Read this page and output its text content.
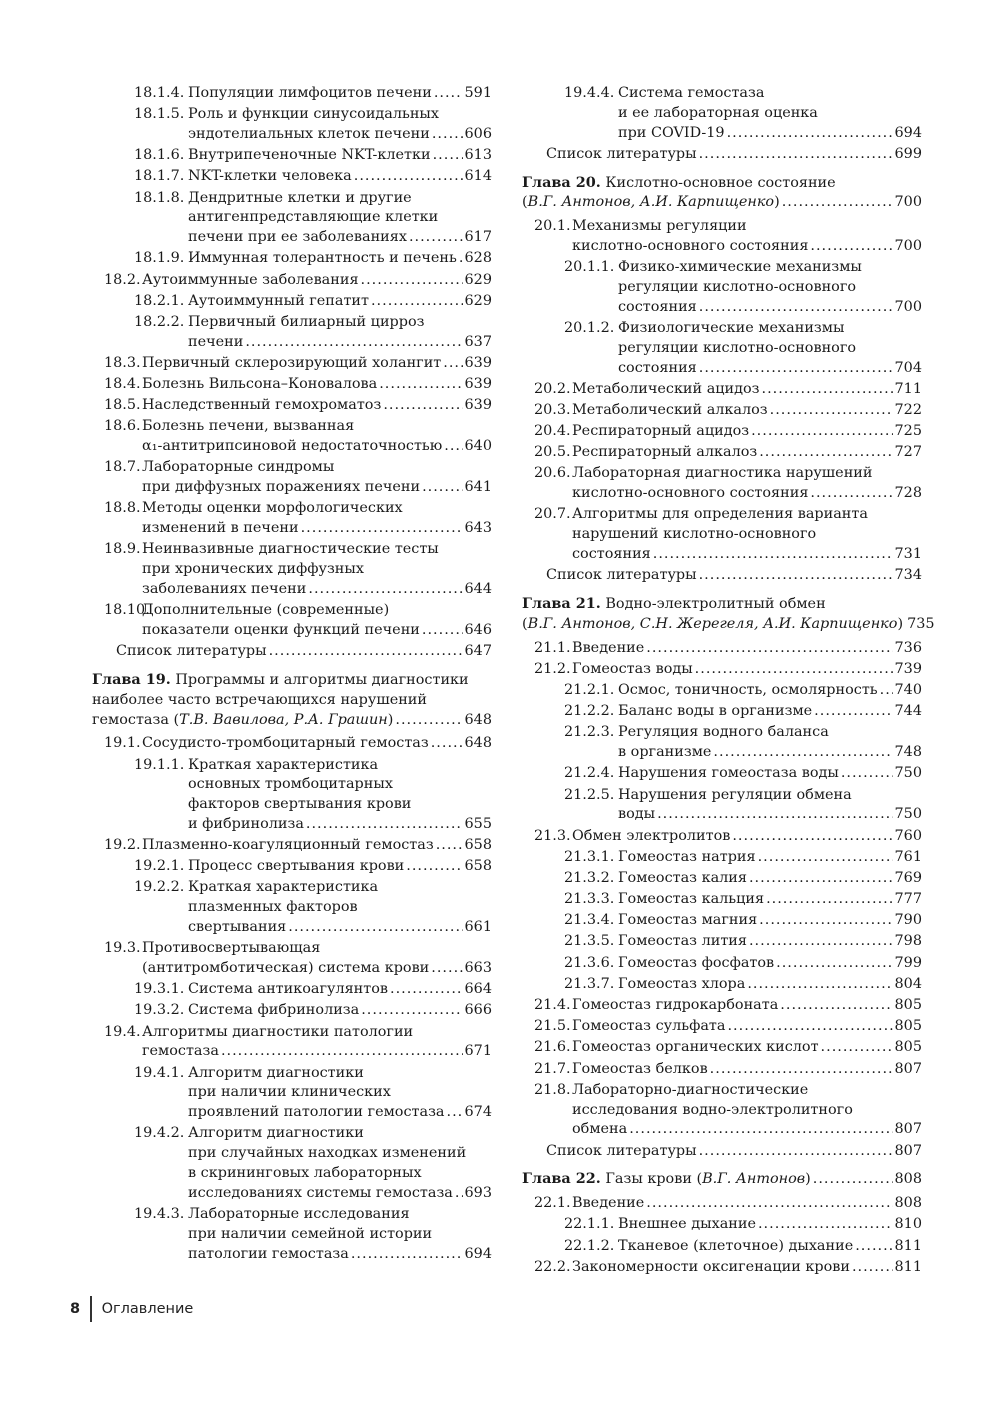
18.1.4. Популяции лимфоцитов печени ..... 591
18.1.5. Роль и функции синусоидальных
эндотелиальных клеток печени ..... 606
18.1.6. Внутрипеченочные NKT-клетки ..... 613
18.1.7. NKT-клетки человека .....	614
18.1.8. Дендритные клетки и другие
антигенпредставляющие клетки
печени при ее заболеваниях .....	617
18.1.9. Иммунная толерантность и печень ..... 628
18.2. Аутоиммунные заболевания .....	629
18.2.1. Аутоиммунный гепатит .....	629
18.2.2. Первичный билиарный цирроз
печени .....	637
18.3. Первичный склерозирующий холангит ..... 639
18.4. Болезнь Вильсона–Коновалова .....	639
18.5. Наследственный гемохроматоз .....	639
18.6. Болезнь печени, вызванная
α₁-антитрипсиновой недостаточностью ..... 640
18.7. Лабораторные синдромы
при диффузных поражениях печени .....	641
18.8. Методы оценки морфологических
изменений в печени .....	643
18.9. Неинвазивные диагностические тесты
при хронических диффузных
заболеваниях печени .....	644
18.10.
Дополнительные (современные)
показатели оценки функций печени .....	646
Список литературы .....	647
Глава 19. Программы и алгоритмы диагностики
наиболее часто встречающихся нарушений
гемостаза (Т.В. Вавилова, Р.А. Грашин) .....	648
19.1. Сосудисто-тромбоцитарный гемостаз ..... 648
19.1.1. Краткая характеристика
основных тромбоцитарных
факторов свертывания крови
и фибринолиза .....	655
19.2. Плазменно-коагуляционный гемостаз ..... 658
19.2.1. Процесс свертывания крови .....	658
19.2.2. Краткая характеристика
плазменных факторов
свертывания .....	661
19.3. Противосвертывающая
(антитромботическая) система крови ..... 663
19.3.1. Система антикоагулянтов .....	664
19.3.2. Система фибринолиза .....	666
19.4. Алгоритмы диагностики патологии
гемостаза .....	671
19.4.1. Алгоритм диагностики
при наличии клинических
проявлений патологии гемостаза ..... 674
19.4.2. Алгоритм диагностики
при случайных находках изменений
в скрининговых лабораторных
исследованиях системы гемостаза ..... 693
19.4.3. Лабораторные исследования
при наличии семейной истории
патологии гемостаза .....	694
19.4.4. Система гемостаза
и ее лабораторная оценка
при COVID-19 .....	694
Список литературы .....	699
Глава 20. Кислотно-основное состояние
(В.Г. Антонов, А.И. Карпищенко) .....	700
20.1. Механизмы регуляции
кислотно-основного состояния .....	700
20.1.1. Физико-химические механизмы
регуляции кислотно-основного
состояния .....	700
20.1.2. Физиологические механизмы
регуляции кислотно-основного
состояния .....	704
20.2. Метаболический ацидоз .....	711
20.3. Метаболический алкалоз .....	722
20.4. Респираторный ацидоз .....	725
20.5. Респираторный алкалоз .....	727
20.6. Лабораторная диагностика нарушений
кислотно-основного состояния .....	728
20.7. Алгоритмы для определения варианта
нарушений кислотно-основного
состояния .....	731
Список литературы .....	734
Глава 21. Водно-электролитный обмен
(В.Г. Антонов, С.Н. Жерегеля, А.И. Карпищенко) 735
21.1. Введение .....	736
21.2. Гомеостаз воды .....	739
21.2.1. Осмос, тоничность, осмолярность ..... 740
21.2.2. Баланс воды в организме .....	744
21.2.3. Регуляция водного баланса
в организме .....	748
21.2.4. Нарушения гомеостаза воды .....	750
21.2.5. Нарушения регуляции обмена
воды .....	750
21.3. Обмен электролитов .....	760
21.3.1. Гомеостаз натрия .....	761
21.3.2. Гомеостаз калия .....	769
21.3.3. Гомеостаз кальция .....	777
21.3.4. Гомеостаз магния .....	790
21.3.5. Гомеостаз лития .....	798
21.3.6. Гомеостаз фосфатов .....	799
21.3.7. Гомеостаз хлора .....	804
21.4. Гомеостаз гидрокарбоната .....	805
21.5. Гомеостаз сульфата .....	805
21.6. Гомеостаз органических кислот .....	805
21.7. Гомеостаз белков .....	807
21.8. Лабораторно-диагностические
исследования водно-электролитного
обмена .....	807
Список литературы .....	807
Глава 22. Газы крови (В.Г. Антонов) .....	808
22.1. Введение .....	808
22.1.1. Внешнее дыхание .....	810
22.1.2. Тканевое (клеточное) дыхание .....	811
22.2. Закономерности оксигенации крови .....	811
8 Оглавление
